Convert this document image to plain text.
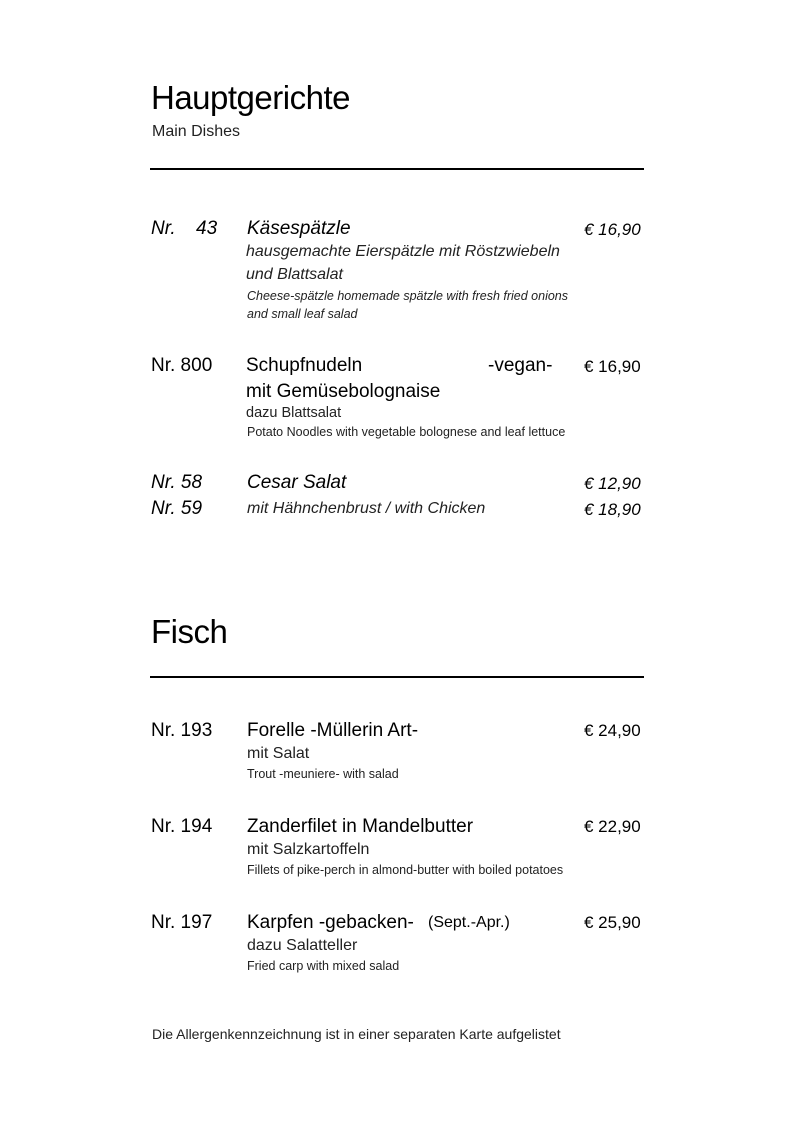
Hauptgerichte
Main Dishes
Nr. 43 Käsespätzle	€ 16,90
hausgemachte Eierspätzle mit Röstzwiebeln
und Blattsalat
Cheese-spätzle homemade spätzle with fresh fried onions
and small leaf salad
Nr. 800 Schupfnudeln	-vegan- € 16,90
mit Gemüsebolognaise
dazu Blattsalat
Potato Noodles with vegetable bolognese and leaf lettuce
Nr. 58 Cesar Salat	€ 12,90
Nr. 59	mit Hähnchenbrust / with Chicken	€ 18,90
Fisch
Nr. 193 Forelle -Müllerin Art-	€ 24,90
mit Salat
Trout -meuniere- with salad
Nr. 194 Zanderfilet in Mandelbutter	€ 22,90
mit Salzkartoffeln
Fillets of pike-perch in almond-butter with boiled potatoes
Nr. 197 Karpfen -gebacken- (Sept.-Apr.)	€ 25,90
dazu Salatteller
Fried carp with mixed salad
Die Allergenkennzeichnung ist in einer separaten Karte aufgelistet
